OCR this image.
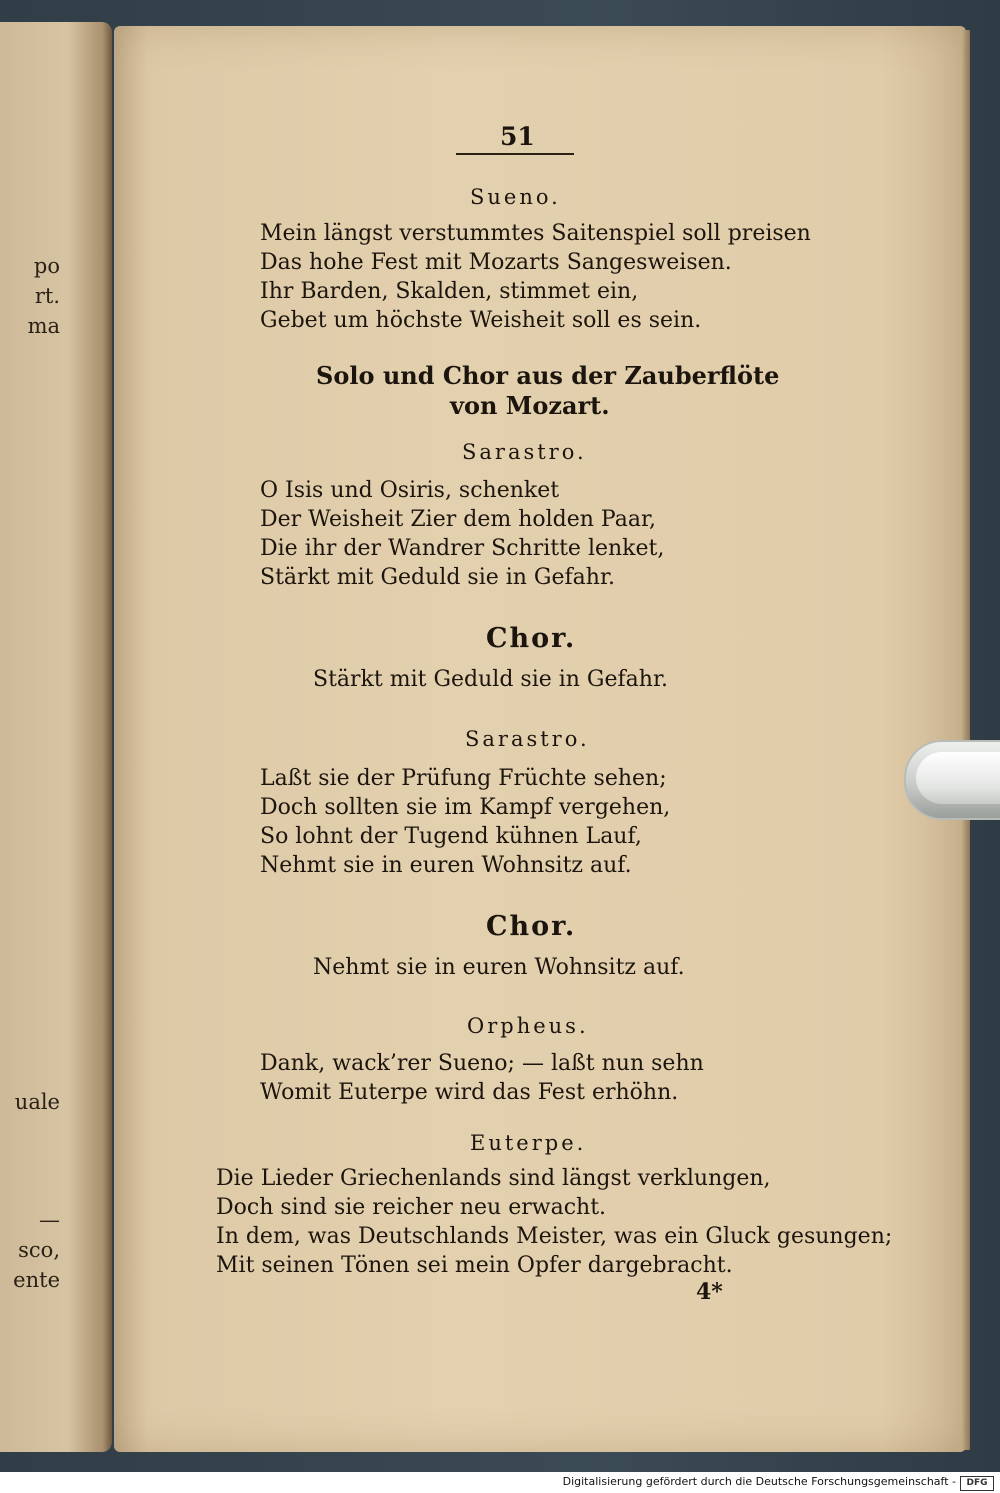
po
rt.
ma
uale
—
sco,
ente
51
Sueno.
Mein längst verstummtes Saitenspiel soll preisen
Das hohe Fest mit Mozarts Sangesweisen.
Ihr Barden, Skalden, stimmet ein,
Gebet um höchste Weisheit soll es sein.
Solo und Chor aus der Zauberflöte
von Mozart.
Sarastro.
O Isis und Osiris, schenket
Der Weisheit Zier dem holden Paar,
Die ihr der Wandrer Schritte lenket,
Stärkt mit Geduld sie in Gefahr.
Chor.
Stärkt mit Geduld sie in Gefahr.
Sarastro.
Laßt sie der Prüfung Früchte sehen;
Doch sollten sie im Kampf vergehen,
So lohnt der Tugend kühnen Lauf,
Nehmt sie in euren Wohnsitz auf.
Chor.
Nehmt sie in euren Wohnsitz auf.
Orpheus.
Dank, wack’rer Sueno; — laßt nun sehn
Womit Euterpe wird das Fest erhöhn.
Euterpe.
Die Lieder Griechenlands sind längst verklungen,
Doch sind sie reicher neu erwacht.
In dem, was Deutschlands Meister, was ein Gluck gesungen;
Mit seinen Tönen sei mein Opfer dargebracht.
4*
Digitalisierung gefördert durch die Deutsche Forschungsgemeinschaft -	DFG
